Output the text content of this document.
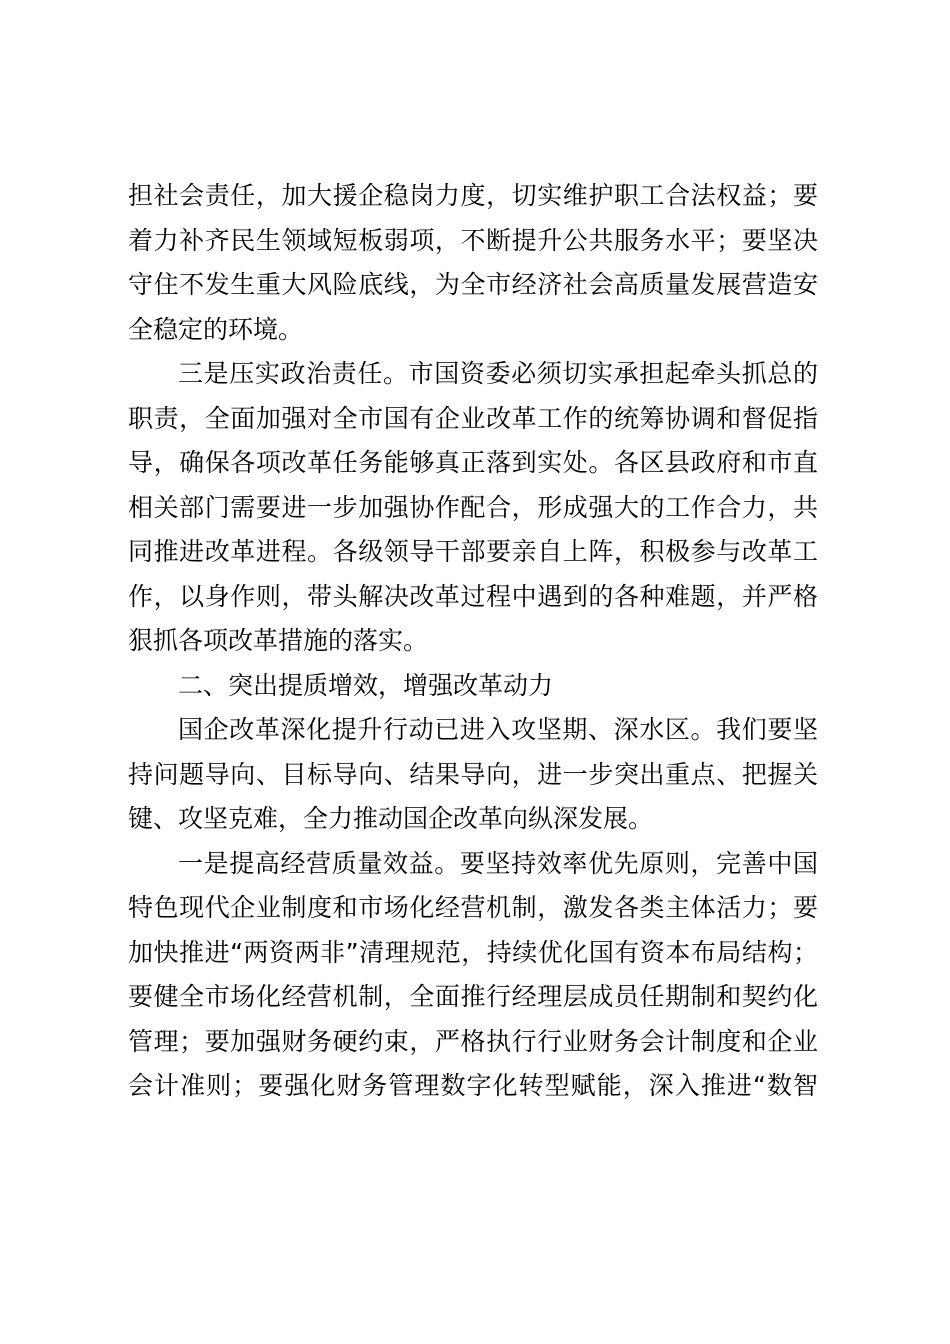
担社会责任，加大援企稳岗力度，切实维护职工合法权益；要
着力补齐民生领域短板弱项，不断提升公共服务水平；要坚决
守住不发生重大风险底线，为全市经济社会高质量发展营造安
全稳定的环境。
三是压实政治责任。市国资委必须切实承担起牵头抓总的
职责，全面加强对全市国有企业改革工作的统筹协调和督促指
导，确保各项改革任务能够真正落到实处。各区县政府和市直
相关部门需要进一步加强协作配合，形成强大的工作合力，共
同推进改革进程。各级领导干部要亲自上阵，积极参与改革工
作，以身作则，带头解决改革过程中遇到的各种难题，并严格
狠抓各项改革措施的落实。
二、突出提质增效，增强改革动力
国企改革深化提升行动已进入攻坚期、深水区。我们要坚
持问题导向、目标导向、结果导向，进一步突出重点、把握关
键、攻坚克难，全力推动国企改革向纵深发展。
一是提高经营质量效益。要坚持效率优先原则，完善中国
特色现代企业制度和市场化经营机制，激发各类主体活力；要
加快推进“两资两非”清理规范，持续优化国有资本布局结构；
要健全市场化经营机制，全面推行经理层成员任期制和契约化
管理；要加强财务硬约束，严格执行行业财务会计制度和企业
会计准则；要强化财务管理数字化转型赋能，深入推进“数智
